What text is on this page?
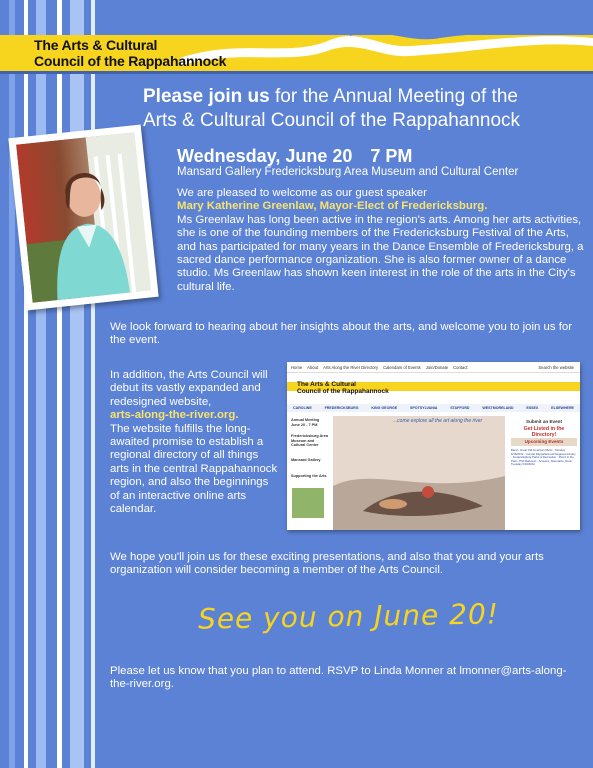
The Arts & Cultural
Council of the Rappahannock
Please join us for the Annual Meeting of the
Arts & Cultural Council of the Rappahannock
Wednesday, June 20 7 PM
Mansard Gallery Fredericksburg Area Museum and Cultural Center
We are pleased to welcome as our guest speaker
Mary Katherine Greenlaw, Mayor-Elect of Fredericksburg.
Ms Greenlaw has long been active in the region's arts. Among her arts activities, she is one of the founding members of the Fredericksburg Festival of the Arts, and has participated for many years in the Dance Ensemble of Fredericksburg, a sacred dance performance organization. She is also former owner of a dance studio. Ms Greenlaw has shown keen interest in the role of the arts in the City's cultural life.
We look forward to hearing about her insights about the arts, and welcome you to join us for the event.
In addition, the Arts Council will debut its vastly expanded and redesigned website,
arts-along-the-river.org.
The website fulfills the long-awaited promise to establish a regional directory of all things arts in the central Rappahannock region, and also the beginnings of an interactive online arts calendar.
Home About Arts Along the River Directory Calendars of Events Join/Donate Contact	Search the website
The Arts & Cultural
Council of the Rappahannock
CAROLINE	FREDERICKSBURG	KING GEORGE	SPOTSYLVANIA	STAFFORD	WESTMORELAND	ESSEX	ELSEWHERE
Annual Meeting June 20 - 7 PM
Fredericksburg Area Museum and Cultural Center
Mansard Gallery
Supporting the Arts
...come explore all the art along the river	Submit an Event
Get Listed in the Directory!
Upcoming Events
Band - Great Old American Music · Monday 6/18/2012 · Central Rappahannock Regional Library · Fredericksburg Parks & Recreation · Picnic in the Park - Phil Markman · Acoustic, Alternative, Rock · Tuesday 6/19/2012
We hope you'll join us for these exciting presentations, and also that you and your arts organization will consider becoming a member of the Arts Council.
See you on June 20!
Please let us know that you plan to attend. RSVP to Linda Monner at lmonner@arts-along-the-river.org.
